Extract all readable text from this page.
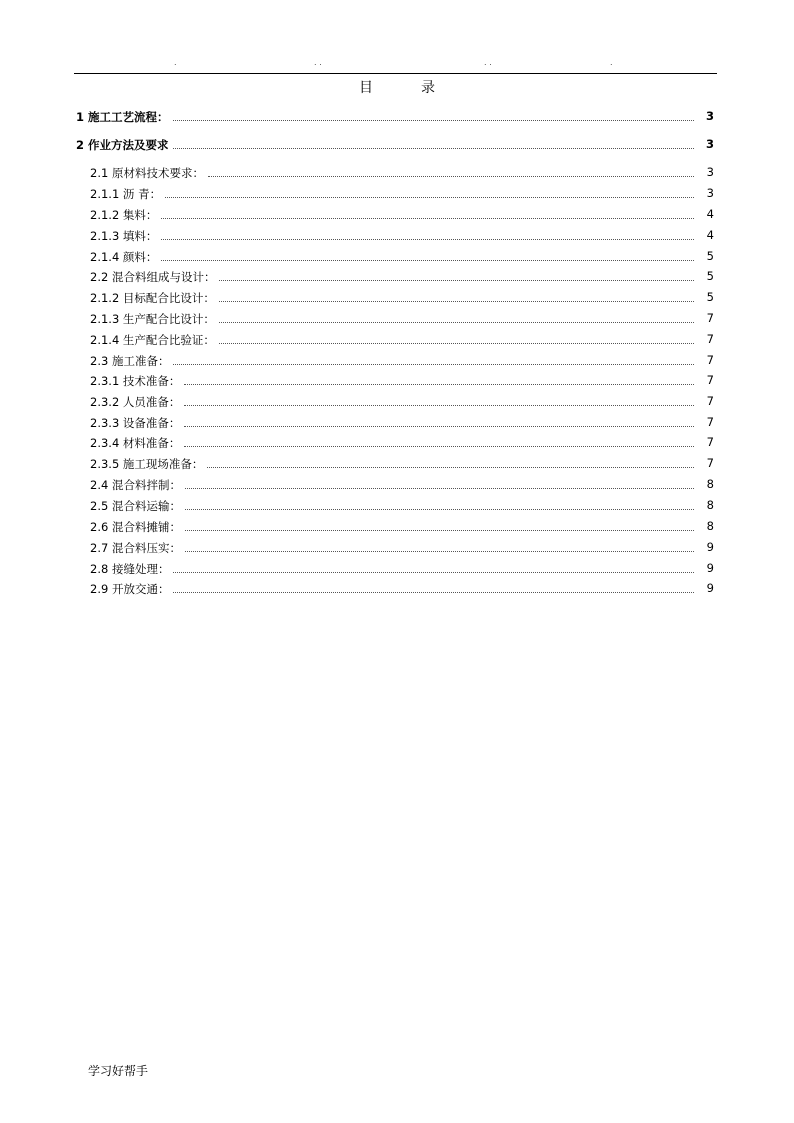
.	. .	. .	.
目	录
1 施工工艺流程：	3
2 作业方法及要求	3
2.1 原材料技术要求：	3
2.1.1 沥 青：	3
2.1.2 集料：	4
2.1.3 填料：	4
2.1.4 颜料：	5
2.2 混合料组成与设计：	5
2.1.2 目标配合比设计：	5
2.1.3 生产配合比设计：	7
2.1.4 生产配合比验证：	7
2.3 施工准备：	7
2.3.1 技术准备：	7
2.3.2 人员准备：	7
2.3.3 设备准备：	7
2.3.4 材料准备：	7
2.3.5 施工现场准备：	7
2.4 混合料拌制：	8
2.5 混合料运输：	8
2.6 混合料摊铺：	8
2.7 混合料压实：	9
2.8 接缝处理：	9
2.9 开放交通：	9
学习好帮手
